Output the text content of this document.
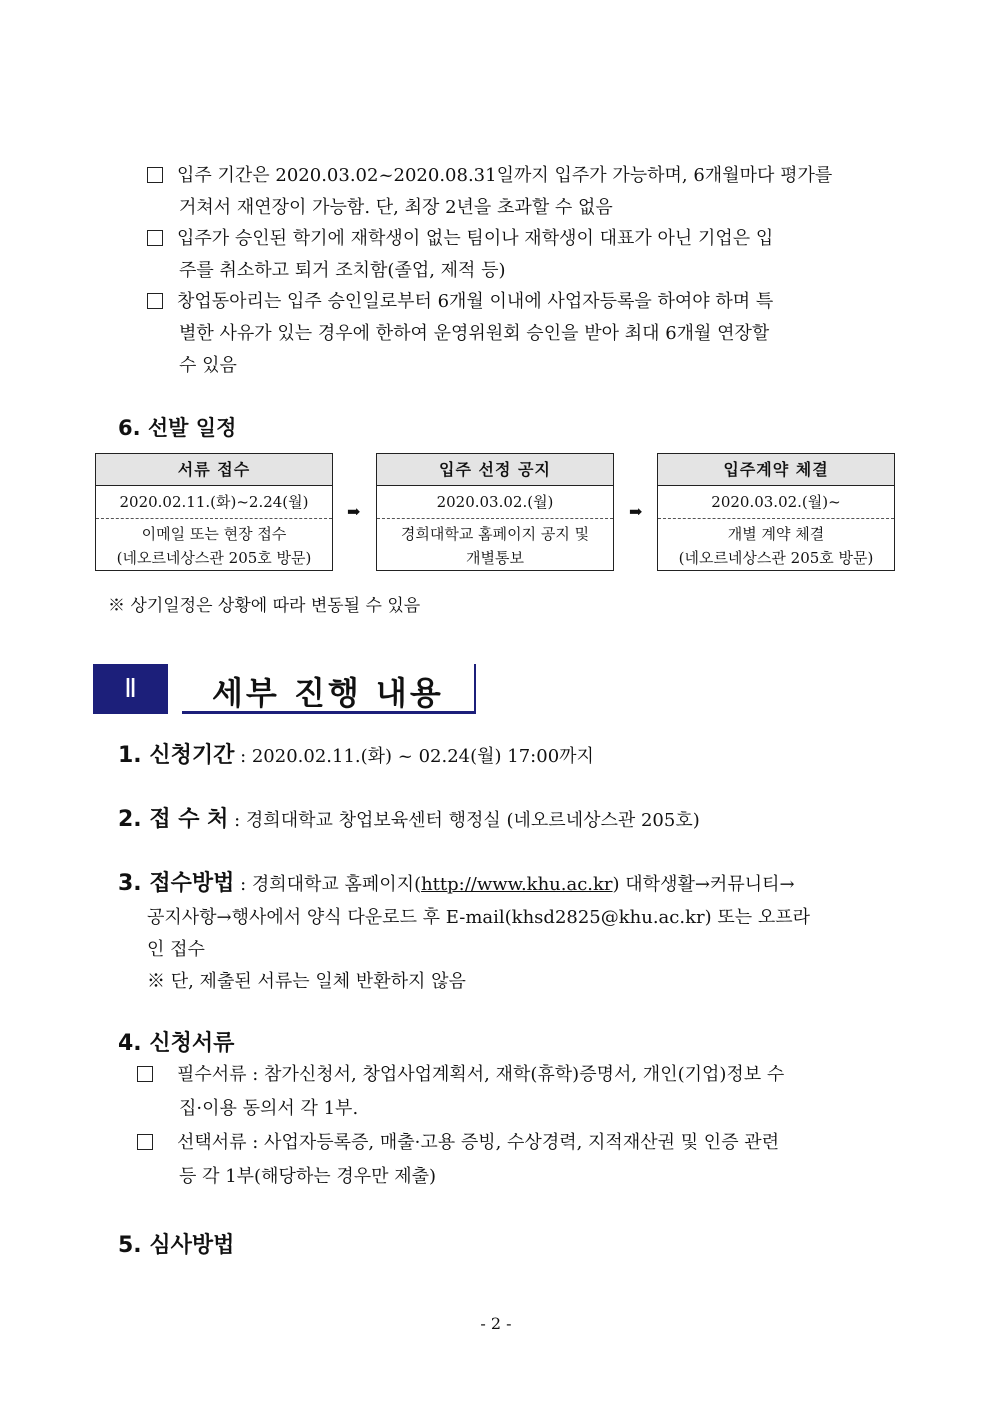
입주 기간은 2020.03.02~2020.08.31일까지 입주가 가능하며, 6개월마다 평가를
거쳐서 재연장이 가능함. 단, 최장 2년을 초과할 수 없음
입주가 승인된 학기에 재학생이 없는 팀이나 재학생이 대표가 아닌 기업은 입
주를 취소하고 퇴거 조치함(졸업, 제적 등)
창업동아리는 입주 승인일로부터 6개월 이내에 사업자등록을 하여야 하며 특
별한 사유가 있는 경우에 한하여 운영위원회 승인을 받아 최대 6개월 연장할
수 있음
6. 선발 일정
서류 접수
2020.02.11.(화)~2.24(월)
이메일 또는 현장 접수
(네오르네상스관 205호 방문)
➡
입주 선정 공지
2020.03.02.(월)
경희대학교 홈페이지 공지 및
개별통보
➡
입주계약 체결
2020.03.02.(월)~
개별 계약 체결
(네오르네상스관 205호 방문)
※ 상기일정은 상황에 따라 변동될 수 있음
Ⅱ	세부 진행 내용
1. 신청기간 : 2020.02.11.(화) ~ 02.24(월) 17:00까지
2. 접 수 처 : 경희대학교 창업보육센터 행정실 (네오르네상스관 205호)
3. 접수방법 : 경희대학교 홈페이지(http://www.khu.ac.kr) 대학생활→커뮤니티→
공지사항→행사에서 양식 다운로드 후 E-mail(khsd2825@khu.ac.kr) 또는 오프라
인 접수
※ 단, 제출된 서류는 일체 반환하지 않음
4. 신청서류
필수서류 : 참가신청서, 창업사업계획서, 재학(휴학)증명서, 개인(기업)정보 수
집·이용 동의서 각 1부.
선택서류 : 사업자등록증, 매출·고용 증빙, 수상경력, 지적재산권 및 인증 관련
등 각 1부(해당하는 경우만 제출)
5. 심사방법
- 2 -
